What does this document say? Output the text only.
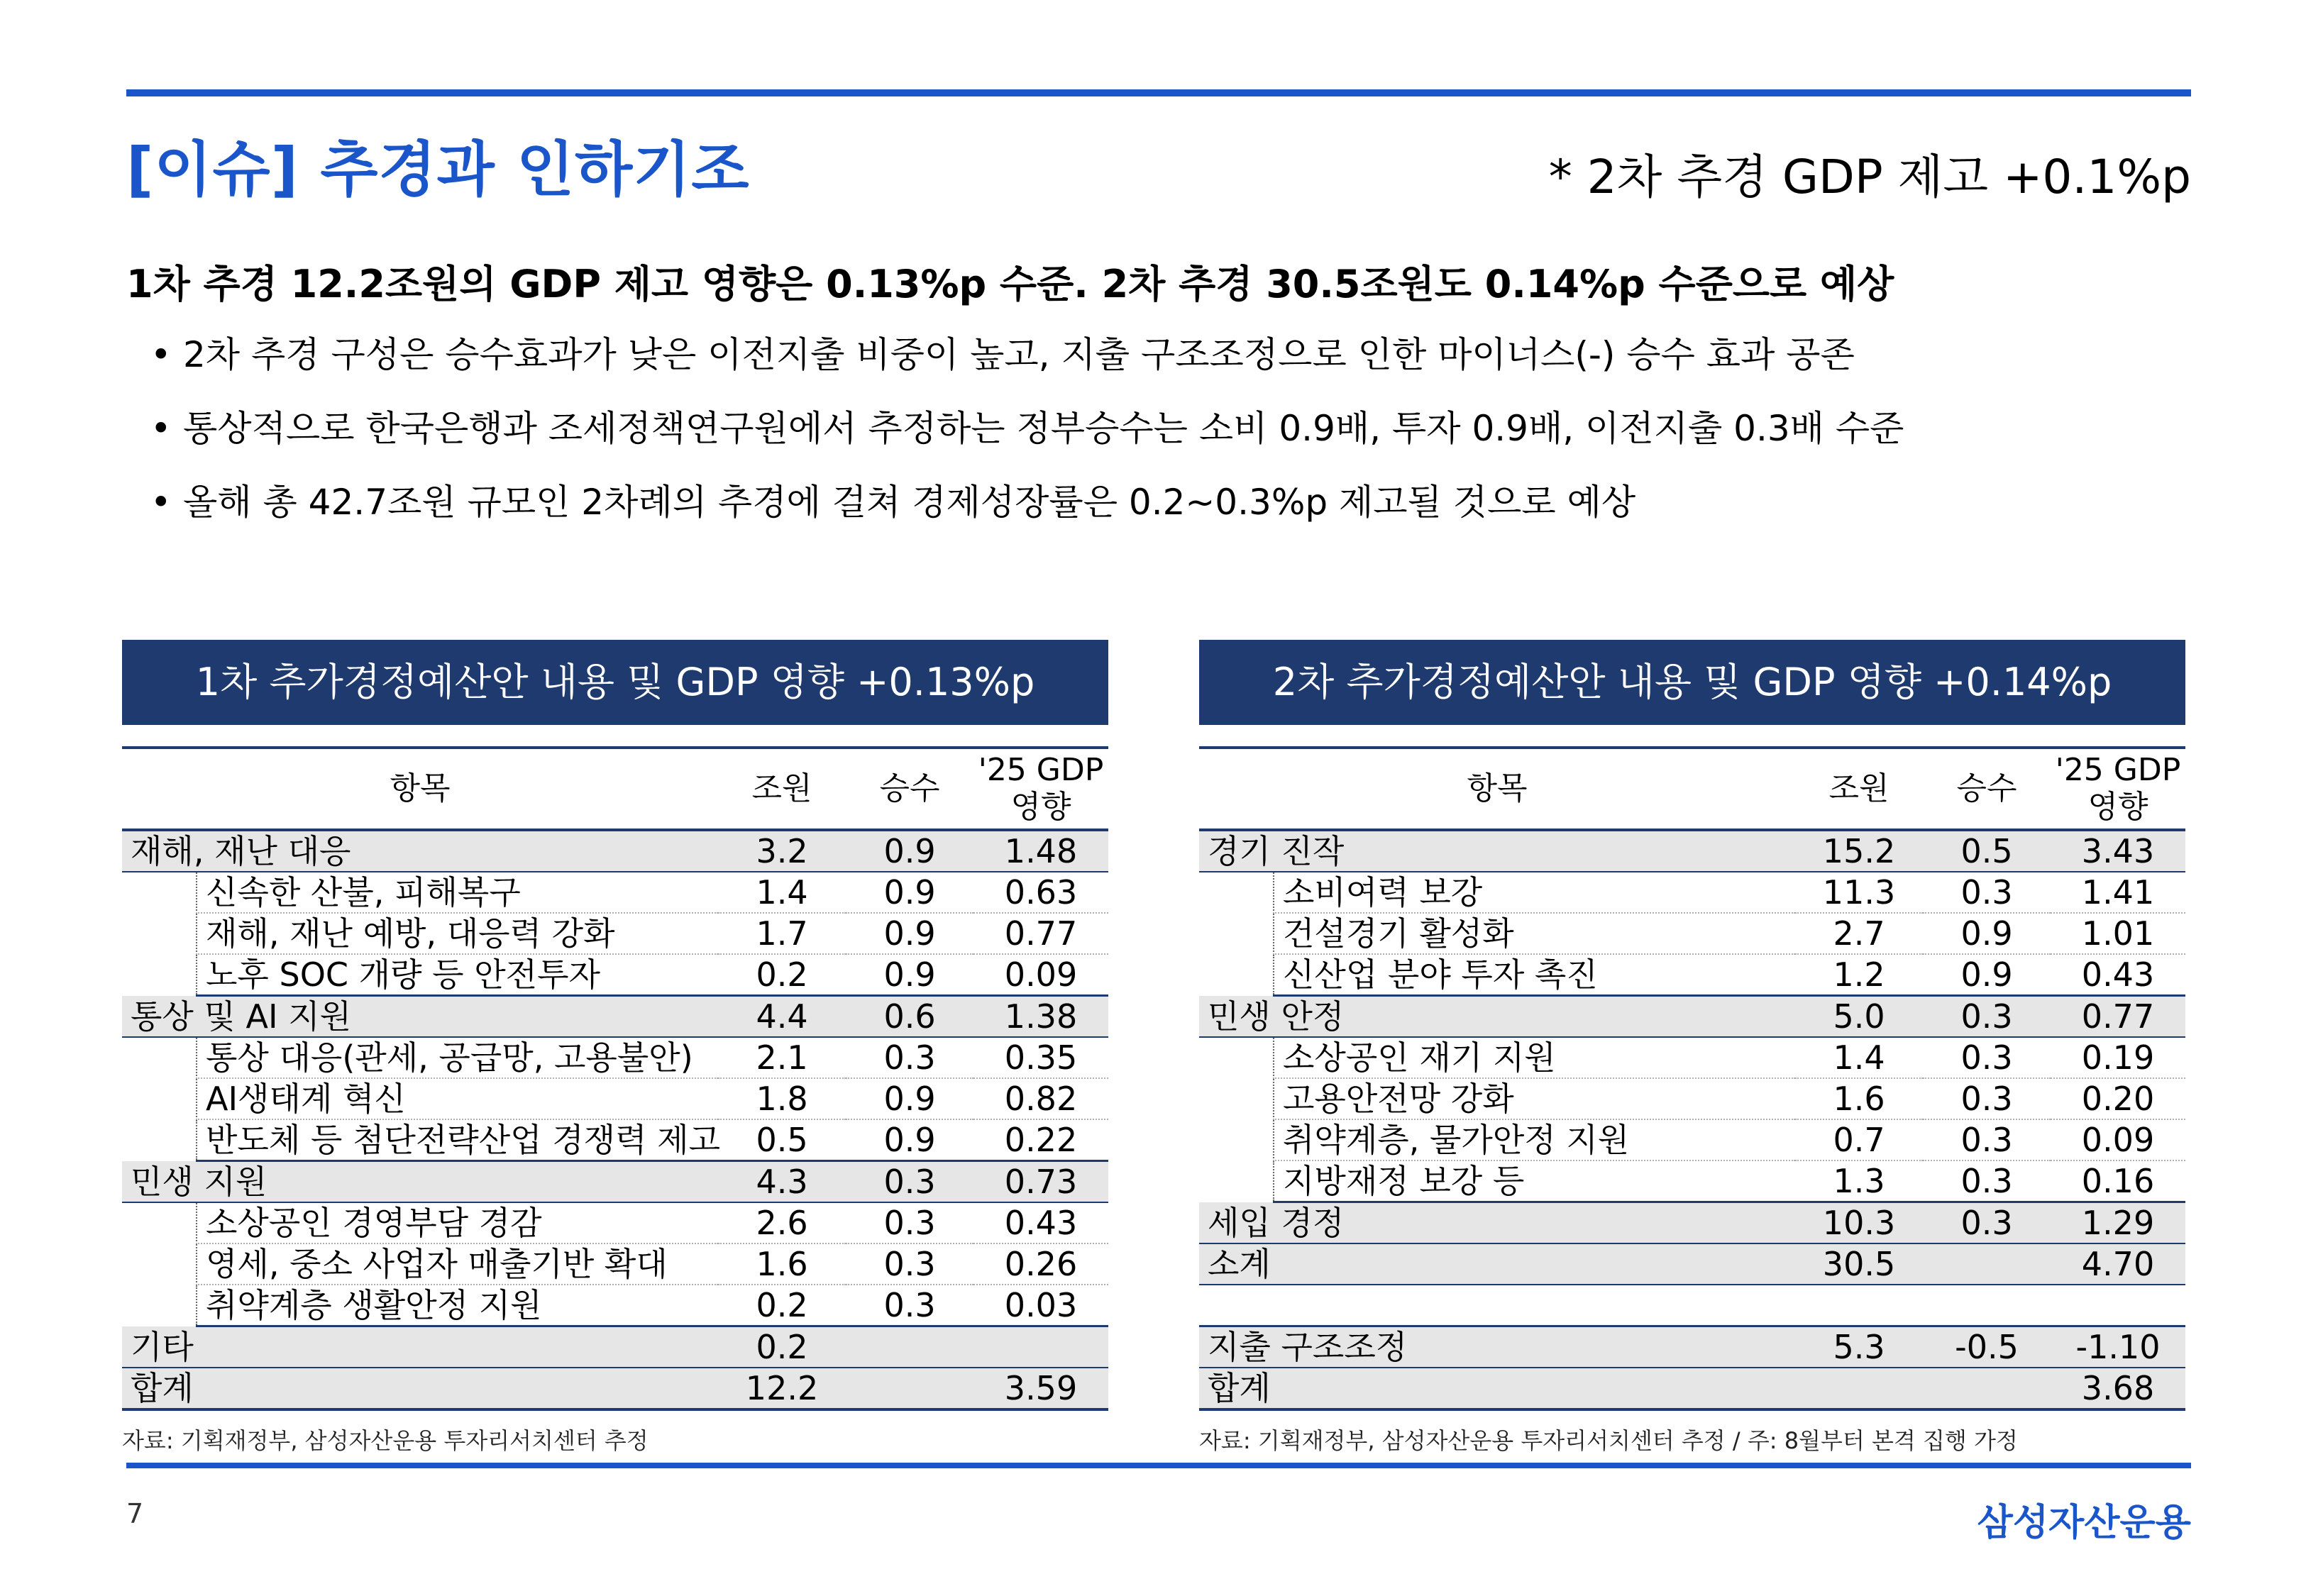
[이슈] 추경과 인하기조	* 2차 추경 GDP 제고 +0.1%p
1차 추경 12.2조원의 GDP 제고 영향은 0.13%p 수준. 2차 추경 30.5조원도 0.14%p 수준으로 예상
• 2차 추경 구성은 승수효과가 낮은 이전지출 비중이 높고, 지출 구조조정으로 인한 마이너스(-) 승수 효과 공존
• 통상적으로 한국은행과 조세정책연구원에서 추정하는 정부승수는 소비 0.9배, 투자 0.9배, 이전지출 0.3배 수준
• 올해 총 42.7조원 규모인 2차례의 추경에 걸쳐 경제성장률은 0.2~0.3%p 제고될 것으로 예상
1차 추가경정예산안 내용 및 GDP 영향 +0.13%p
항목		조원	승수	'25 GDP 영향
재해, 재난 대응		3.2	0.9	1.48
	신속한 산불, 피해복구	1.4	0.9	0.63
	재해, 재난 예방, 대응력 강화	1.7	0.9	0.77
	노후 SOC 개량 등 안전투자	0.2	0.9	0.09
통상 및 AI 지원		4.4	0.6	1.38
	통상 대응(관세, 공급망, 고용불안)	2.1	0.3	0.35
	AI생태계 혁신	1.8	0.9	0.82
	반도체 등 첨단전략산업 경쟁력 제고	0.5	0.9	0.22
민생 지원		4.3	0.3	0.73
	소상공인 경영부담 경감	2.6	0.3	0.43
	영세, 중소 사업자 매출기반 확대	1.6	0.3	0.26
	취약계층 생활안정 지원	0.2	0.3	0.03
기타		0.2		
합계		12.2		3.59
2차 추가경정예산안 내용 및 GDP 영향 +0.14%p
항목		조원	승수	'25 GDP 영향
경기 진작		15.2	0.5	3.43
	소비여력 보강	11.3	0.3	1.41
	건설경기 활성화	2.7	0.9	1.01
	신산업 분야 투자 촉진	1.2	0.9	0.43
민생 안정		5.0	0.3	0.77
	소상공인 재기 지원	1.4	0.3	0.19
	고용안전망 강화	1.6	0.3	0.20
	취약계층, 물가안정 지원	0.7	0.3	0.09
	지방재정 보강 등	1.3	0.3	0.16
세입 경정		10.3	0.3	1.29
소계		30.5		4.70

지출 구조조정		5.3	-0.5	-1.10
합계				3.68
자료: 기획재정부, 삼성자산운용 투자리서치센터 추정	자료: 기획재정부, 삼성자산운용 투자리서치센터 추정 / 주: 8월부터 본격 집행 가정
7	삼성자산운용
